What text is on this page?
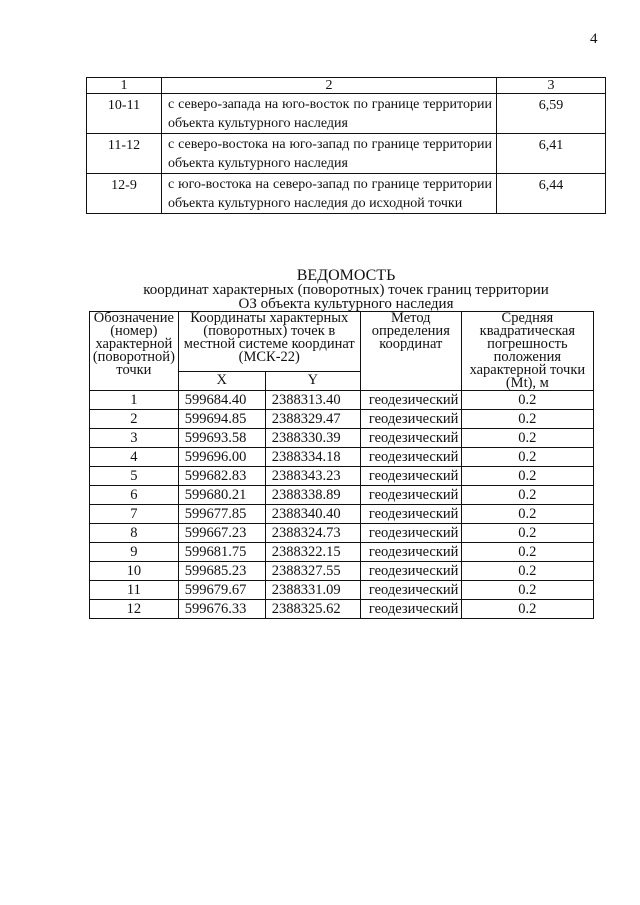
4
1	2	3
10-11	с северо-запада на юго-восток по границе территории объекта культурного наследия	6,59
11-12	с северо-востока на юго-запад по границе территории объекта культурного наследия	6,41
12-9	с юго-востока на северо-запад по границе территории объекта культурного наследия до исходной точки	6,44
ВЕДОМОСТЬ
координат характерных (поворотных) точек границ территории
ОЗ объекта культурного наследия
Обозначение (номер) характерной (поворотной) точки	Координаты характерных (поворотных) точек в местной системе координат (МСК-22)		Метод определения координат	Средняя квадратическая погрешность положения характерной точки (Mt), м
	X	Y		
1	599684.40	2388313.40	геодезический	0.2
2	599694.85	2388329.47	геодезический	0.2
3	599693.58	2388330.39	геодезический	0.2
4	599696.00	2388334.18	геодезический	0.2
5	599682.83	2388343.23	геодезический	0.2
6	599680.21	2388338.89	геодезический	0.2
7	599677.85	2388340.40	геодезический	0.2
8	599667.23	2388324.73	геодезический	0.2
9	599681.75	2388322.15	геодезический	0.2
10	599685.23	2388327.55	геодезический	0.2
11	599679.67	2388331.09	геодезический	0.2
12	599676.33	2388325.62	геодезический	0.2
